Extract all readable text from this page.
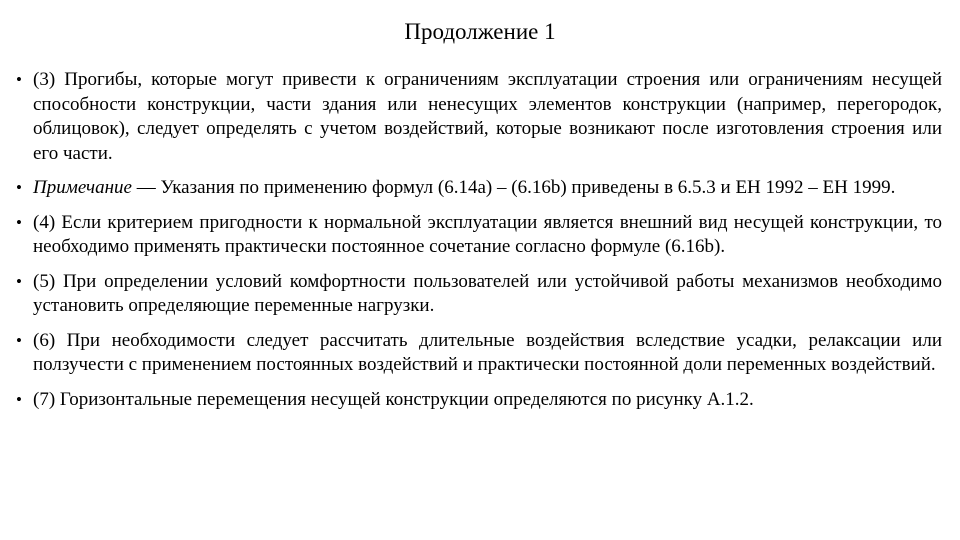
Продолжение 1
• (3) Прогибы, которые могут привести к ограничениям эксплуатации строения или ограничениям несущей способности конструкции, части здания или ненесущих элементов конструкции (например, перегородок, облицовок), следует определять с учетом воздействий, которые возникают после изготовления строения или его части.
• Примечание — Указания по применению формул (6.14а) – (6.16b) приведены в 6.5.3 и ЕН 1992 – ЕН 1999.
• (4) Если критерием пригодности к нормальной эксплуатации является внешний вид несущей конструкции, то необходимо применять практически постоянное сочетание согласно формуле (6.16b).
• (5) При определении условий комфортности пользователей или устойчивой работы механизмов необходимо установить определяющие переменные нагрузки.
• (6) При необходимости следует рассчитать длительные воздействия вследствие усадки, релаксации или ползучести с применением постоянных воздействий и практически постоянной доли переменных воздействий.
• (7) Горизонтальные перемещения несущей конструкции определяются по рисунку А.1.2.
